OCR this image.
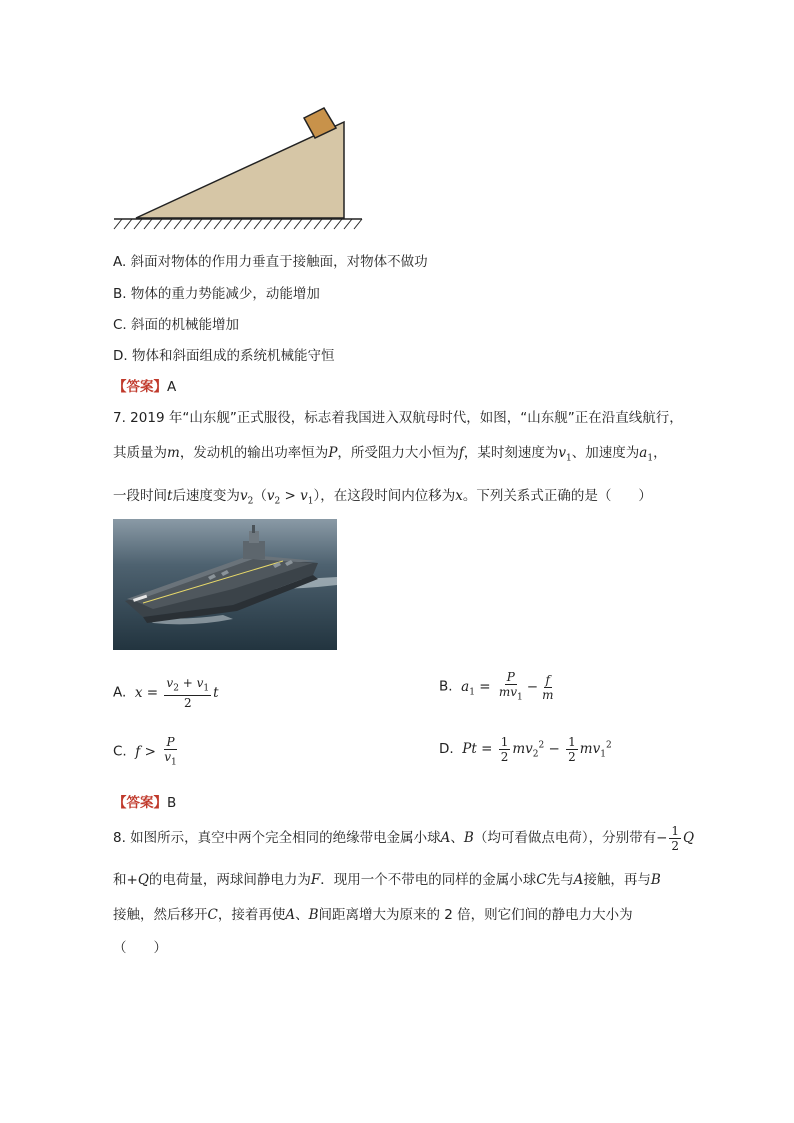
A. 斜面对物体的作用力垂直于接触面，对物体不做功
B. 物体的重力势能减少，动能增加
C. 斜面的机械能增加
D. 物体和斜面组成的系统机械能守恒
【答案】A
7. 2019 年“山东舰”正式服役，标志着我国进入双航母时代，如图，“山东舰”正在沿直线航行，
其质量为m，发动机的输出功率恒为P，所受阻力大小恒为f，某时刻速度为$v_1$、加速度为$a_1$，
一段时间t后速度变为$v_2(v_2 > v_1)$，在这段时间内位移为x。下列关系式正确的是（　　）
A.  $x = \frac{v_2 + v_1}{2}$ t	B.  $a_1 = \frac{P}{mv_1} - \frac{f}{m}$
C.  $f > \frac{P}{v_1}$	D.  $Pt = \frac{1}{2} mv_2^2 - \frac{1}{2} mv_1^2$
【答案】B
8. 如图所示，真空中两个完全相同的绝缘带电金属小球A、B（均可看做点电荷），分别带有− $\frac{1}{2}$ Q
和+Q的电荷量，两球间静电力为F．现用一个不带电的同样的金属小球C先与A接触，再与B
接触，然后移开C，接着再使A、B间距离增大为原来的 2 倍，则它们间的静电力大小为
（　　）
